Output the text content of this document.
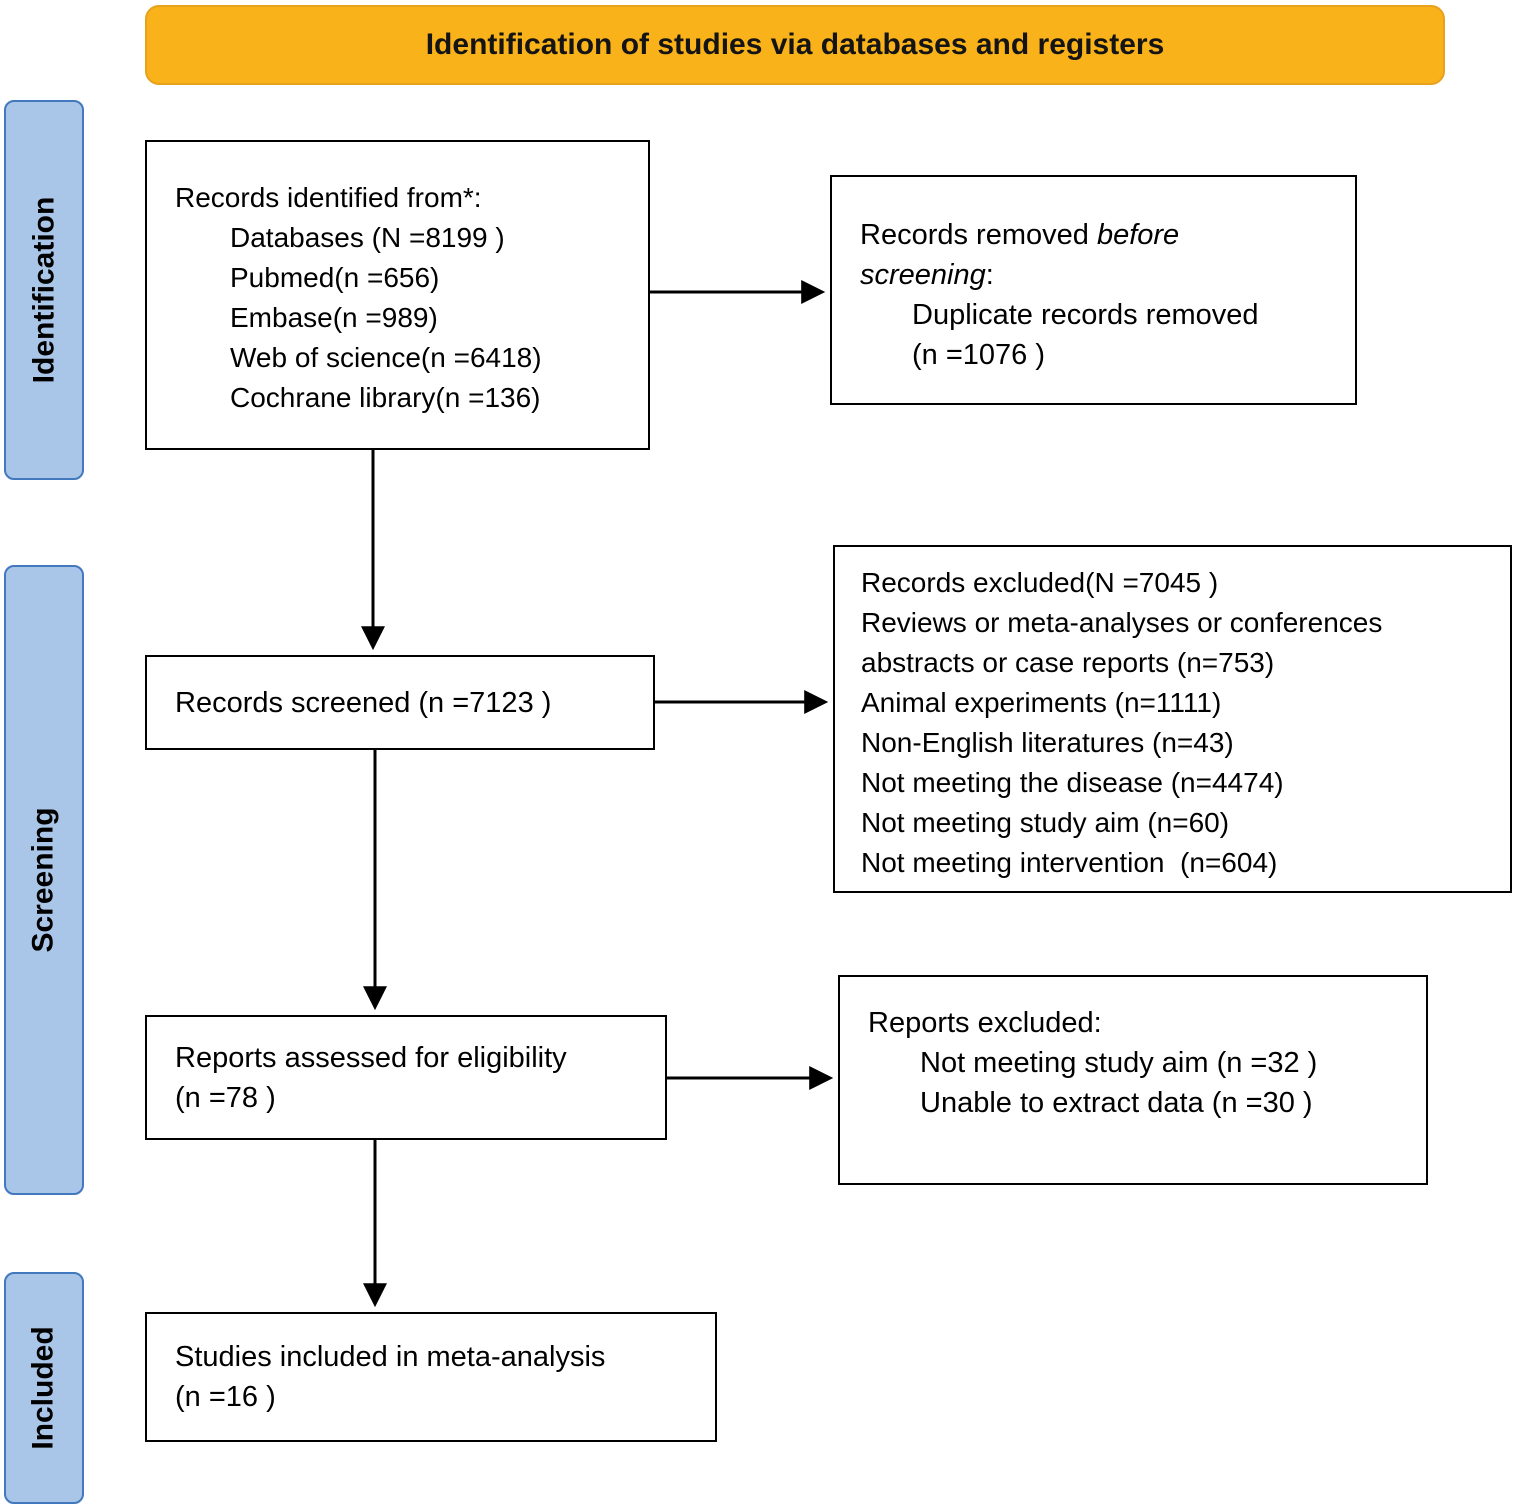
Identification of studies via databases and registers
Identification
Screening
Included
Records identified from*:
Databases (N =8199 )
Pubmed(n =656)
Embase(n =989)
Web of science(n =6418)
Cochrane library(n =136)
Records removed before screening:
Duplicate records removed
(n =1076 )
Records screened (n =7123 )
Records excluded(N =7045 )
Reviews or meta-analyses or conferences abstracts or case reports (n=753)
Animal experiments (n=1111)
Non-English literatures (n=43)
Not meeting the disease (n=4474)
Not meeting study aim (n=60)
Not meeting intervention  (n=604)
Reports assessed for eligibility
(n =78 )
Reports excluded:
Not meeting study aim (n =32 )
Unable to extract data (n =30 )
Studies included in meta-analysis
(n =16 )
